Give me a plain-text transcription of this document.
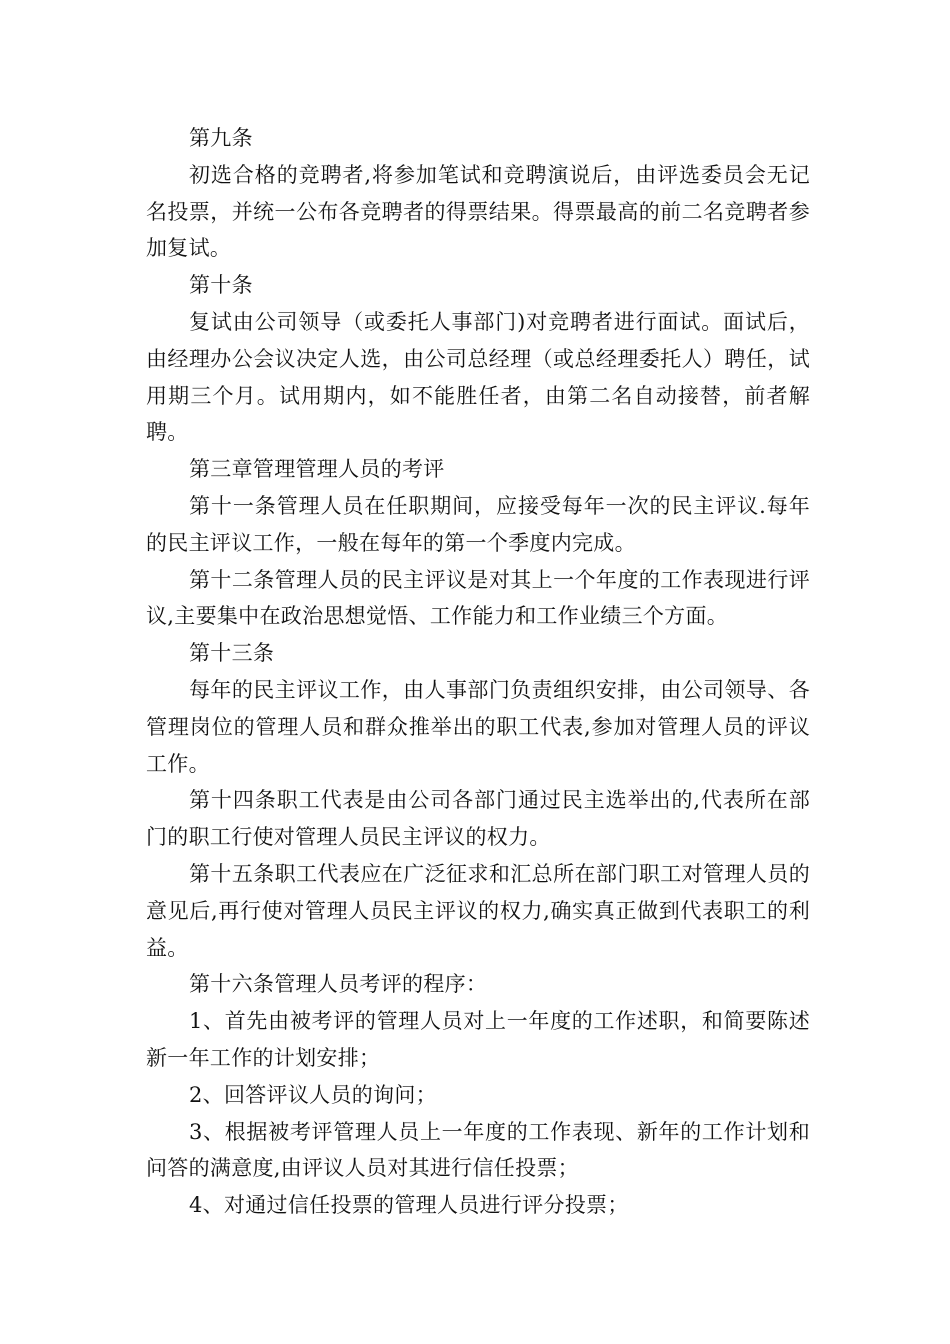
第九条

初选合格的竞聘者,将参加笔试和竞聘演说后，由评选委员会无记名投票，并统一公布各竞聘者的得票结果。得票最高的前二名竞聘者参加复试。

第十条

复试由公司领导（或委托人事部门)对竞聘者进行面试。面试后，由经理办公会议决定人选，由公司总经理（或总经理委托人）聘任，试用期三个月。试用期内，如不能胜任者，由第二名自动接替，前者解聘。

第三章管理管理人员的考评

第十一条管理人员在任职期间，应接受每年一次的民主评议.每年的民主评议工作，一般在每年的第一个季度内完成。

第十二条管理人员的民主评议是对其上一个年度的工作表现进行评议,主要集中在政治思想觉悟、工作能力和工作业绩三个方面。

第十三条

每年的民主评议工作，由人事部门负责组织安排，由公司领导、各管理岗位的管理人员和群众推举出的职工代表,参加对管理人员的评议工作。

第十四条职工代表是由公司各部门通过民主选举出的,代表所在部门的职工行使对管理人员民主评议的权力。

第十五条职工代表应在广泛征求和汇总所在部门职工对管理人员的意见后,再行使对管理人员民主评议的权力,确实真正做到代表职工的利益。

第十六条管理人员考评的程序：

1、首先由被考评的管理人员对上一年度的工作述职，和简要陈述新一年工作的计划安排；

2、回答评议人员的询问；

3、根据被考评管理人员上一年度的工作表现、新年的工作计划和问答的满意度,由评议人员对其进行信任投票；

4、对通过信任投票的管理人员进行评分投票；
